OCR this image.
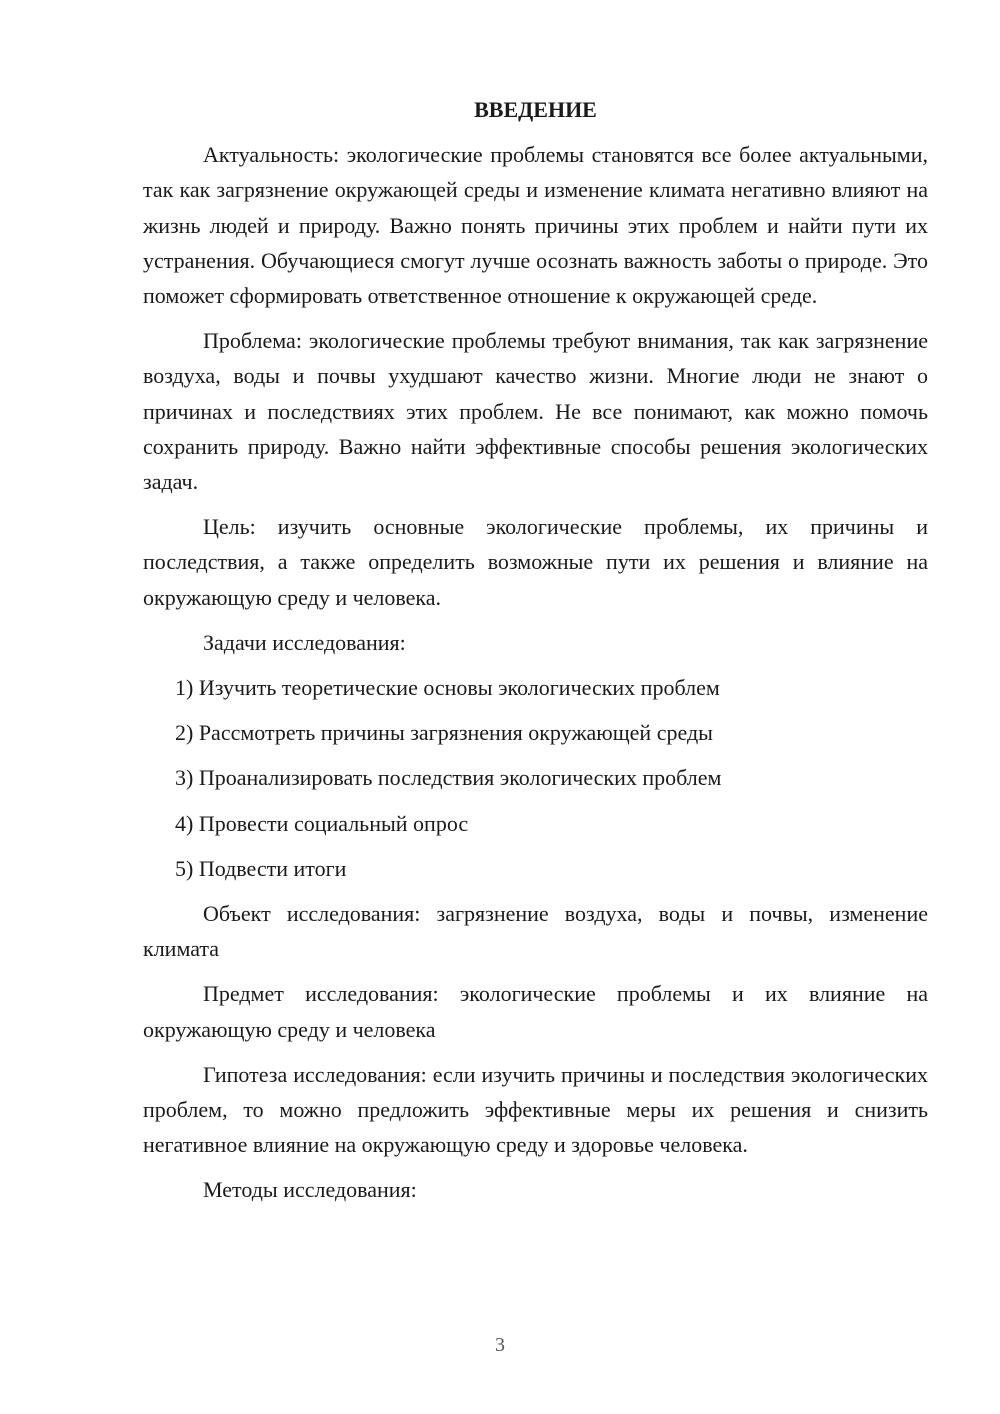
ВВЕДЕНИЕ

Актуальность: экологические проблемы становятся все более актуальными, так как загрязнение окружающей среды и изменение климата негативно влияют на жизнь людей и природу. Важно понять причины этих проблем и найти пути их устранения. Обучающиеся смогут лучше осознать важность заботы о природе. Это поможет сформировать ответственное отношение к окружающей среде.

Проблема: экологические проблемы требуют внимания, так как загрязнение воздуха, воды и почвы ухудшают качество жизни. Многие люди не знают о причинах и последствиях этих проблем. Не все понимают, как можно помочь сохранить природу. Важно найти эффективные способы решения экологических задач.

Цель: изучить основные экологические проблемы, их причины и последствия, а также определить возможные пути их решения и влияние на окружающую среду и человека.

Задачи исследования:

1) Изучить теоретические основы экологических проблем
2) Рассмотреть причины загрязнения окружающей среды
3) Проанализировать последствия экологических проблем
4) Провести социальный опрос
5) Подвести итоги

Объект исследования: загрязнение воздуха, воды и почвы, изменение климата

Предмет исследования: экологические проблемы и их влияние на окружающую среду и человека

Гипотеза исследования: если изучить причины и последствия экологических проблем, то можно предложить эффективные меры их решения и снизить негативное влияние на окружающую среду и здоровье человека.

Методы исследования:

3
